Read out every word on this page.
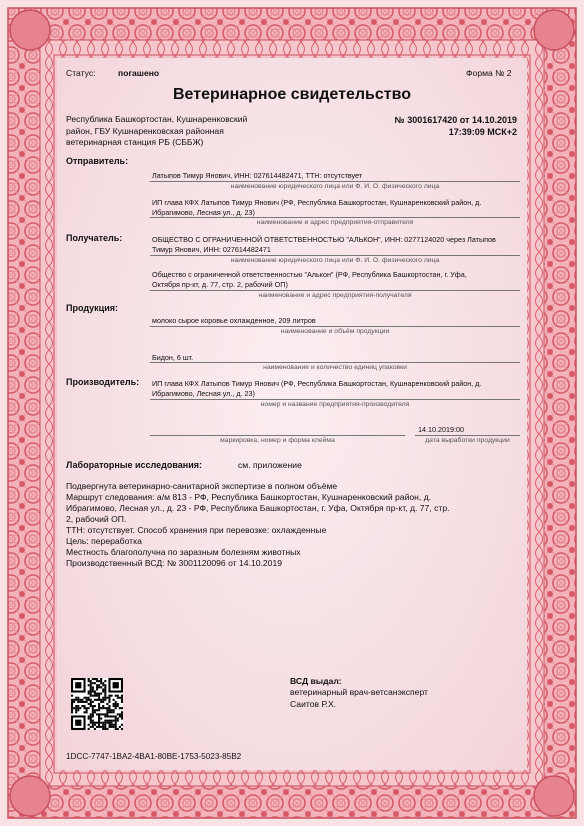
Статус:	погашено	Форма № 2
Ветеринарное свидетельство
Республика Башкортостан, Кушнаренковский
район, ГБУ Кушнаренковская районная
ветеринарная станция РБ (СББЖ)
№ 3001617420 от 14.10.2019
17:39:09 МСК+2
Отправитель:
Латыпов Тимур Янович, ИНН: 027614482471, ТТН: отсутствует
наименование юридического лица или Ф. И. О. физического лица
ИП глава КФХ Латыпов Тимур Янович (РФ, Республика Башкортостан, Кушнаренковский район, д.
Ибрагимово, Лесная ул., д. 23)
наименование и адрес предприятия-отправителя
Получатель:	ОБЩЕСТВО С ОГРАНИЧЕННОЙ ОТВЕТСТВЕННОСТЬЮ "АЛЬКОН", ИНН: 0277124020 через Латыпов
Тимур Янович, ИНН: 027614482471
наименование юридического лица или Ф. И. О. физического лица
Общество с ограниченной ответственностью "Алькон" (РФ, Республика Башкортостан, г. Уфа,
Октября пр-кт, д. 77, стр. 2, рабочий ОП)
наименование и адрес предприятия-получателя
Продукция:
молоко сырое коровье охлажденное, 209 литров
наименование и объём продукции
Бидон, 6 шт.
наименование и количество единиц упаковки
Производитель: ИП глава КФХ Латыпов Тимур Янович (РФ, Республика Башкортостан, Кушнаренковский район, д.
Ибрагимово, Лесная ул., д. 23)
номер и название предприятия-производителя
маркировка, номер и форма клейма
14.10.2019:00
дата выработки продукции
Лабораторные исследования:	см. приложение
Подвергнута ветеринарно-санитарной экспертизе в полном объёме
Маршрут следования: а/м 813 - РФ, Республика Башкортостан, Кушнаренковский район, д.
Ибрагимово, Лесная ул., д. 23 - РФ, Республика Башкортостан, г. Уфа, Октября пр-кт, д. 77, стр.
2, рабочий ОП.
ТТН: отсутствует. Способ хранения при перевозке: охлажденные
Цель: переработка
Местность благополучна по заразным болезням животных
Производственный ВСД: № 3001120096 от 14.10.2019
ВСД выдал:
ветеринарный врач-ветсанэксперт
Саитов Р.Х.
1DCC-7747-1BA2-4BA1-80BE-1753-5023-85B2
